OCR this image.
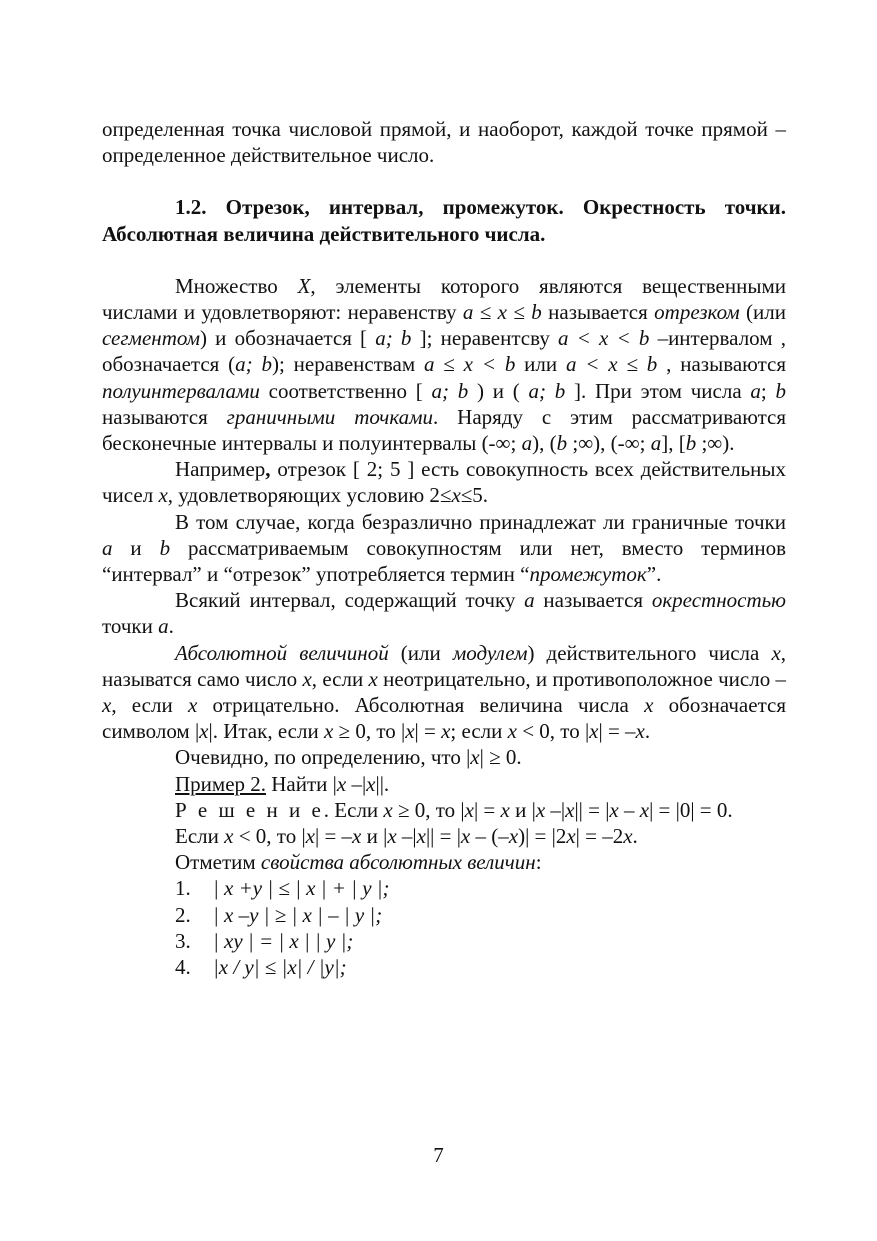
определенная точка числовой прямой, и наоборот, каждой точке прямой – определенное действительное число.

1.2. Отрезок, интервал, промежуток. Окрестность точки. Абсолютная величина действительного числа.

Множество X, элементы которого являются вещественными числами и удовлетворяют: неравенству a ≤ x ≤ b называется отрезком (или сегментом) и обозначается [ a; b ]; неравентсву a < x < b –интервалом , обозначается (a; b); неравенствам a ≤ x < b или a < x ≤ b , называются полуинтервалами соответственно [ a; b ) и ( a; b ]. При этом числа a; b называются граничными точками. Наряду с этим рассматриваются бесконечные интервалы и полуинтервалы (-∞; a), (b ;∞), (-∞; a], [b ;∞).

Например, отрезок [ 2; 5 ] есть совокупность всех действительных чисел x, удовлетворяющих условию 2≤x≤5.

В том случае, когда безразлично принадлежат ли граничные точки a и b рассматриваемым совокупностям или нет, вместо терминов “интервал” и “отрезок” употребляется термин “промежуток”.

Всякий интервал, содержащий точку a называется окрестностью точки a.

Абсолютной величиной (или модулем) действительного числа x, называтся само число x, если x неотрицательно, и противоположное число –x, если x отрицательно. Абсолютная величина числа x обозначается символом |x|. Итак, если x ≥ 0, то |x| = x; если x < 0, то |x| = –x.

Очевидно, по определению, что |x| ≥ 0.

Пример 2. Найти |x –|x||.

Р е ш е н и е. Если x ≥ 0, то |x| = x и |x –|x|| = |x – x| = |0| = 0.

Если x < 0, то |x| = –x и |x –|x|| = |x – (–x)| = |2x| = –2x.

Отметим свойства абсолютных величин:

1. | x +y | ≤ | x | + | y |;

2. | x –y | ≥ | x | – | y |;

3. | xy | = | x | | y |;

4. |x / y| ≤ |x| / |y|;

7
